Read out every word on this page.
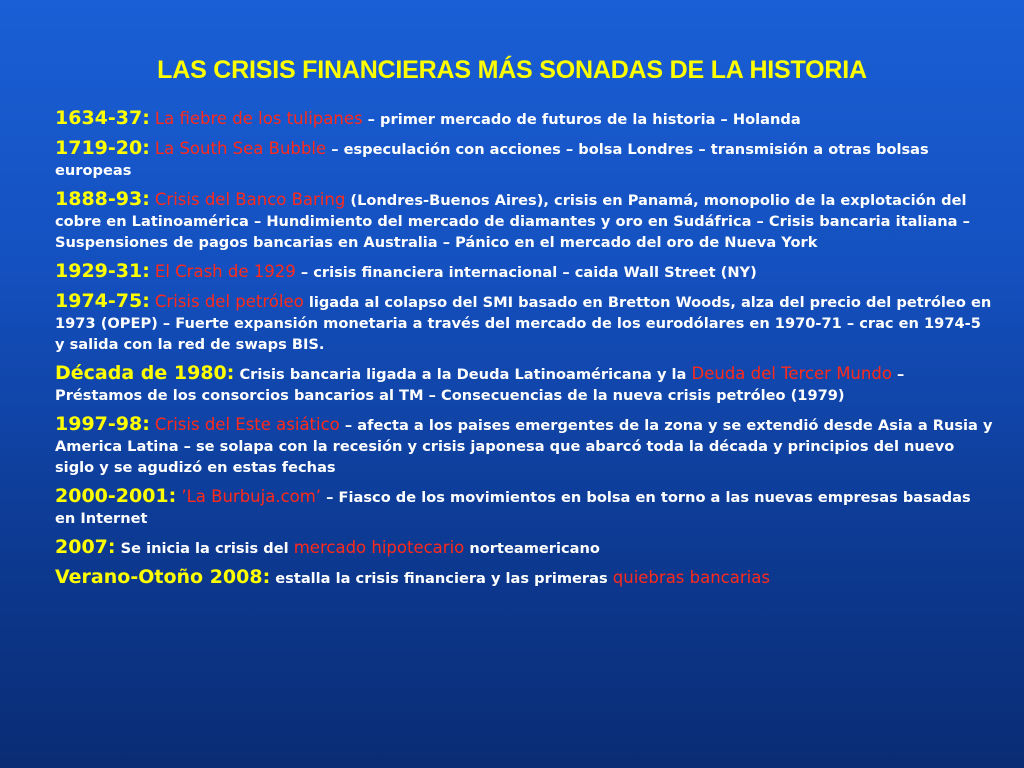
LAS CRISIS FINANCIERAS MÁS SONADAS DE LA HISTORIA

1634-37: La fiebre de los tulipanes – primer mercado de futuros de la historia – Holanda

1719-20: La South Sea Bubble – especulación con acciones – bolsa Londres – transmisión a otras bolsas europeas

1888-93: Crisis del Banco Baring (Londres-Buenos Aires), crisis en Panamá, monopolio de la explotación del cobre en Latinoamérica – Hundimiento del mercado de diamantes y oro en Sudáfrica – Crisis bancaria italiana – Suspensiones de pagos bancarias en Australia – Pánico en el mercado del oro de Nueva York

1929-31: El Crash de 1929 – crisis financiera internacional – caida Wall Street (NY)

1974-75: Crisis del petróleo ligada al colapso del SMI basado en Bretton Woods, alza del precio del petróleo en 1973 (OPEP) – Fuerte expansión monetaria a través del mercado de los eurodólares en 1970-71 – crac en 1974-5 y salida con la red de swaps BIS.

Década de 1980: Crisis bancaria ligada a la Deuda Latinoaméricana y la Deuda del Tercer Mundo – Préstamos de los consorcios bancarios al TM – Consecuencias de la nueva crisis petróleo (1979)

1997-98: Crisis del Este asiático – afecta a los paises emergentes de la zona y se extendió desde Asia a Rusia y America Latina – se solapa con la recesión y crisis japonesa que abarcó toda la década y principios del nuevo siglo y se agudizó en estas fechas

2000-2001: ’La Burbuja.com’ – Fiasco de los movimientos en bolsa en torno a las nuevas empresas basadas en Internet

2007: Se inicia la crisis del mercado hipotecario norteamericano

Verano-Otoño 2008: estalla la crisis financiera y las primeras quiebras bancarias
